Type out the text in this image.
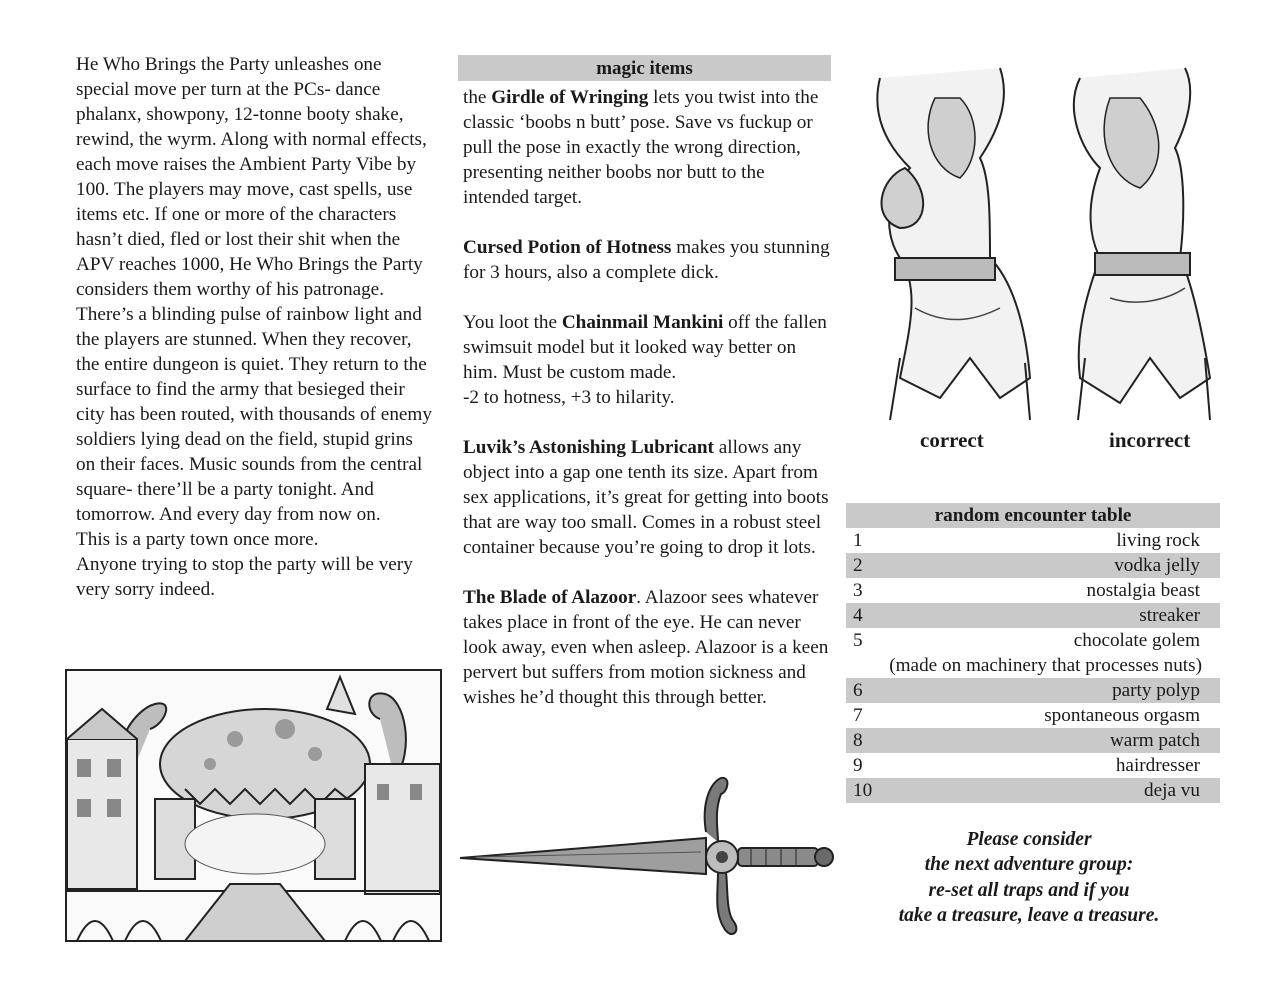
He Who Brings the Party unleashes one special move per turn at the PCs- dance phalanx, showpony, 12-tonne booty shake, rewind, the wyrm. Along with normal effects, each move raises the Ambient Party Vibe by 100. The players may move, cast spells, use items etc. If one or more of the characters hasn’t died, fled or lost their shit when the APV reaches 1000, He Who Brings the Party considers them worthy of his patronage. There’s a blinding pulse of rainbow light and the players are stunned. When they recover, the entire dungeon is quiet. They return to the surface to find the army that besieged their city has been routed, with thousands of enemy soldiers lying dead on the field, stupid grins on their faces. Music sounds from the central square- there’ll be a party tonight. And tomorrow. And every day from now on.

This is a party town once more.

Anyone trying to stop the party will be very very sorry indeed.

magic items
the Girdle of Wringing lets you twist into the classic ‘boobs n butt’ pose. Save vs fuckup or pull the pose in exactly the wrong direction, presenting neither boobs nor butt to the intended target.
Cursed Potion of Hotness makes you stunning for 3 hours, also a complete dick.
You loot the Chainmail Mankini off the fallen swimsuit model but it looked way better on him. Must be custom made.
-2 to hotness, +3 to hilarity.
Luvik’s Astonishing Lubricant allows any object into a gap one tenth its size. Apart from sex applications, it’s great for getting into boots that are way too small. Comes in a robust steel container because you’re going to drop it lots.
The Blade of Alazoor. Alazoor sees whatever takes place in front of the eye. He can never look away, even when asleep. Alazoor is a keen pervert but suffers from motion sickness and wishes he’d thought this through better.
correct	incorrect
random encounter table
1	living rock
2	vodka jelly
3	nostalgia beast
4	streaker
5	chocolate golem
(made on machinery that processes nuts)
6	party polyp
7	spontaneous orgasm
8	warm patch
9	hairdresser
10	deja vu
Please consider
the next adventure group:
re-set all traps and if you
take a treasure, leave a treasure.
